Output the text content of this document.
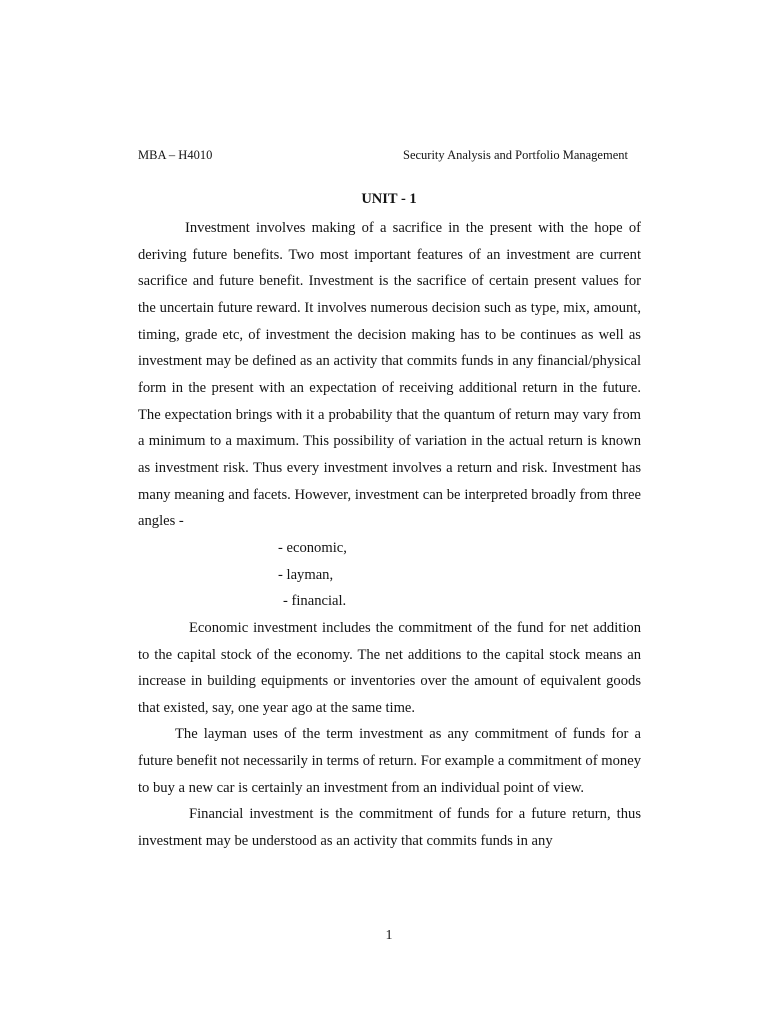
MBA – H4010	Security Analysis and Portfolio Management
UNIT - 1

Investment involves making of a sacrifice in the present with the hope of deriving future benefits. Two most important features of an investment are current sacrifice and future benefit. Investment is the sacrifice of certain present values for the uncertain future reward. It involves numerous decision such as type, mix, amount, timing, grade etc, of investment the decision making has to be continues as well as investment may be defined as an activity that commits funds in any financial/physical form in the present with an expectation of receiving additional return in the future. The expectation brings with it a probability that the quantum of return may vary from a minimum to a maximum. This possibility of variation in the actual return is known as investment risk. Thus every investment involves a return and risk. Investment has many meaning and facets. However, investment can be interpreted broadly from three angles -

- economic,
- layman,
- financial.

Economic investment includes the commitment of the fund for net addition to the capital stock of the economy. The net additions to the capital stock means an increase in building equipments or inventories over the amount of equivalent goods that existed, say, one year ago at the same time.

The layman uses of the term investment as any commitment of funds for a future benefit not necessarily in terms of return. For example a commitment of money to buy a new car is certainly an investment from an individual point of view.

Financial investment is the commitment of funds for a future return, thus investment may be understood as an activity that commits funds in any

1
